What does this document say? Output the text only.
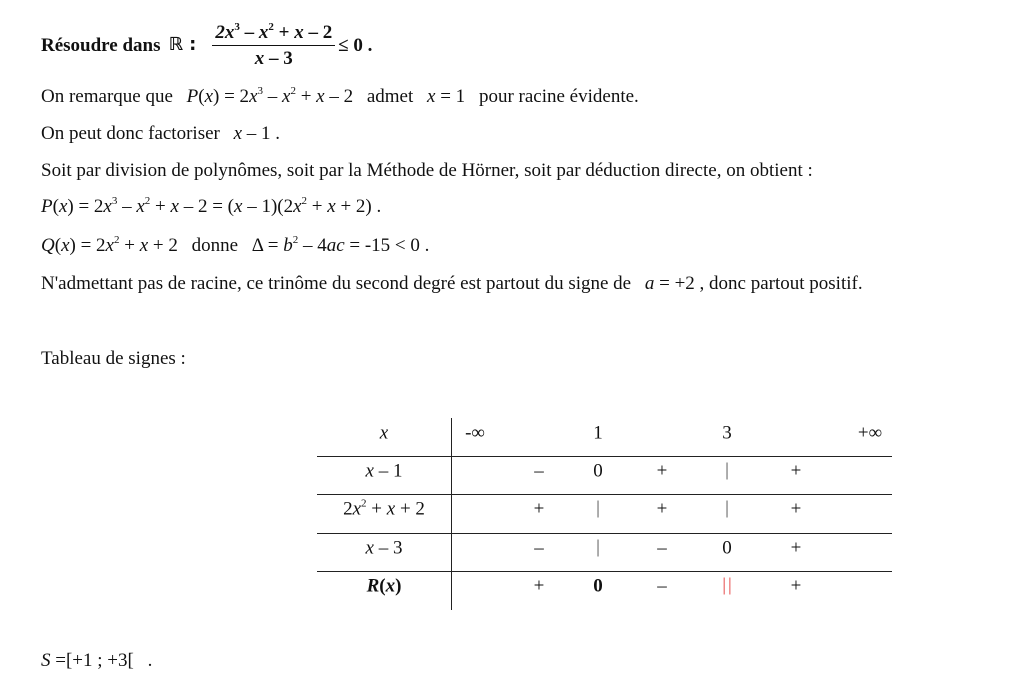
Résoudre dans ℝ : $\frac{2x^3 - x^2 + x - 2}{x - 3} \le 0$ .
On remarque que $P(x) = 2x^3 - x^2 + x - 2$ admet x = 1 pour racine évidente.
On peut donc factoriser x – 1 .
Soit par division de polynômes, soit par la Méthode de Hörner, soit par déduction directe, on obtient :
$P(x) = 2x^3 - x^2 + x - 2 = (x - 1)(2x^2 + x + 2)$ .
$Q(x) = 2x^2 + x + 2$ donne $\Delta = b^2 - 4ac = -15 < 0$ .
N'admettant pas de racine, ce trinôme du second degré est partout du signe de a = +2 , donc partout positif.
Tableau de signes :
x	-∞	1	3	+∞
x – 1	–	0	+	|	+
$2x^2 + x + 2$	+	|	+	|	+
x – 3	–	|	–	0	+
R(x)	+	0	–	||	+
S =[+1 ; +3[ .
